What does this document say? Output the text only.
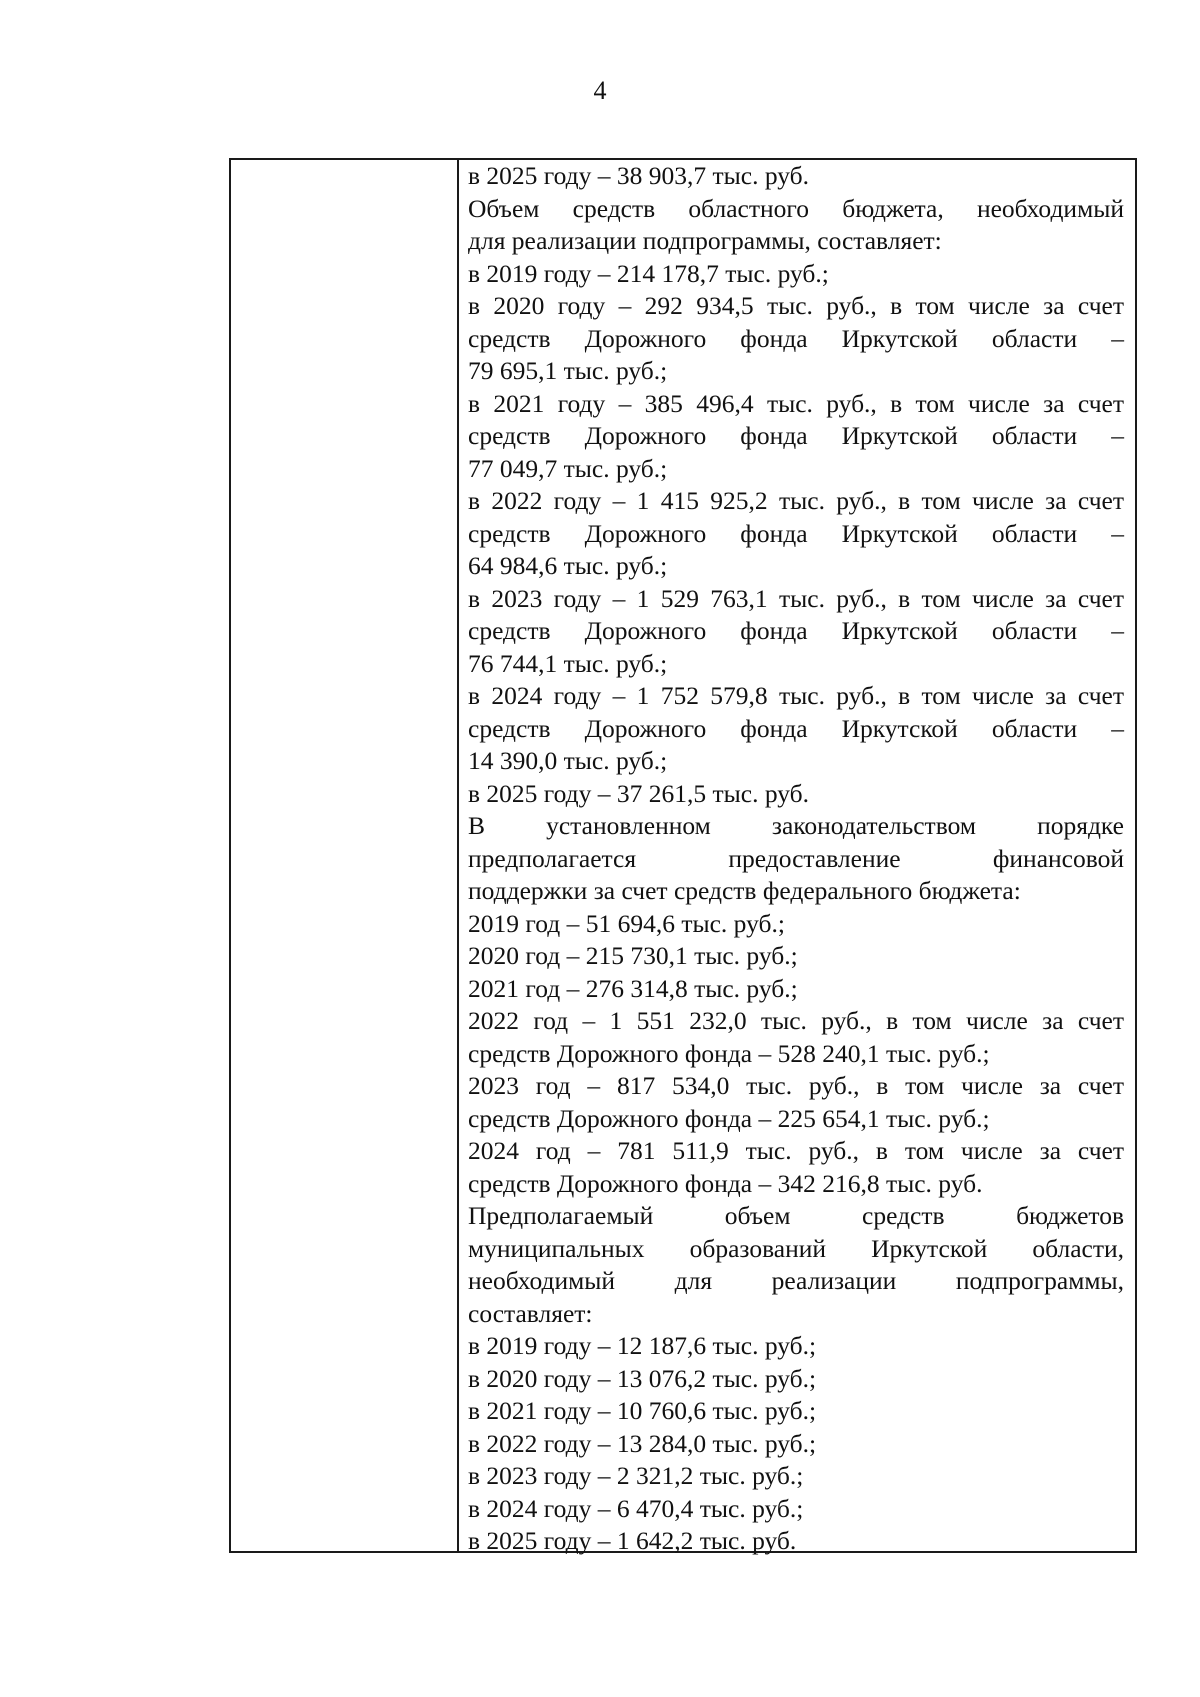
4
в 2025 году – 38 903,7 тыс. руб.
Объем средств областного бюджета, необходимый
для реализации подпрограммы, составляет:
в 2019 году – 214 178,7 тыс. руб.;
в 2020 году – 292 934,5 тыс. руб., в том числе за счет
средств Дорожного фонда Иркутской области –
79 695,1 тыс. руб.;
в 2021 году – 385 496,4 тыс. руб., в том числе за счет
средств Дорожного фонда Иркутской области –
77 049,7 тыс. руб.;
в 2022 году – 1 415 925,2 тыс. руб., в том числе за счет
средств Дорожного фонда Иркутской области –
64 984,6 тыс. руб.;
в 2023 году – 1 529 763,1 тыс. руб., в том числе за счет
средств Дорожного фонда Иркутской области –
76 744,1 тыс. руб.;
в 2024 году – 1 752 579,8 тыс. руб., в том числе за счет
средств Дорожного фонда Иркутской области –
14 390,0 тыс. руб.;
в 2025 году – 37 261,5 тыс. руб.
В установленном законодательством порядке
предполагается предоставление финансовой
поддержки за счет средств федерального бюджета:
2019 год – 51 694,6 тыс. руб.;
2020 год – 215 730,1 тыс. руб.;
2021 год – 276 314,8 тыс. руб.;
2022 год – 1 551 232,0 тыс. руб., в том числе за счет
средств Дорожного фонда – 528 240,1 тыс. руб.;
2023 год – 817 534,0 тыс. руб., в том числе за счет
средств Дорожного фонда – 225 654,1 тыс. руб.;
2024 год – 781 511,9 тыс. руб., в том числе за счет
средств Дорожного фонда – 342 216,8 тыс. руб.
Предполагаемый объем средств бюджетов
муниципальных образований Иркутской области,
необходимый для реализации подпрограммы,
составляет:
в 2019 году – 12 187,6 тыс. руб.;
в 2020 году – 13 076,2 тыс. руб.;
в 2021 году – 10 760,6 тыс. руб.;
в 2022 году – 13 284,0 тыс. руб.;
в 2023 году – 2 321,2 тыс. руб.;
в 2024 году – 6 470,4 тыс. руб.;
в 2025 году – 1 642,2 тыс. руб.
